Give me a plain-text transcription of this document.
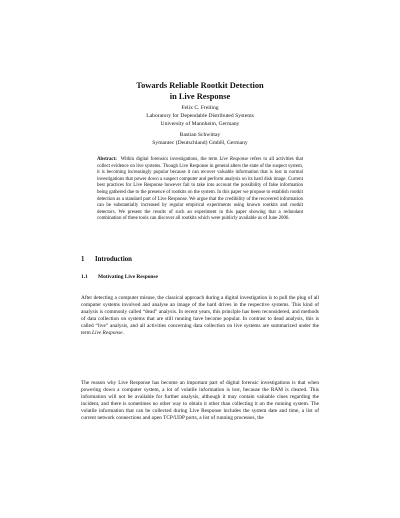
Towards Reliable Rootkit Detection
in Live Response
Felix C. Freiling
Laboratory for Dependable Distributed Systems
University of Mannheim, Germany
Bastian Schwittay
Symantec (Deutschland) GmbH, Germany

Abstract: Within digital forensics investigations, the term Live Response refers to all activities that collect evidence on live systems. Though Live Response in general alters the state of the suspect system, it is becoming increasingly popular because it can recover valuable information that is lost in normal investigations that power down a suspect computer and perform analysis on its hard disk image. Current best practices for Live Response however fail to take into account the possibility of false information being gathered due to the presence of rootkits on the system. In this paper we propose to establish rootkit detection as a standard part of Live Response. We argue that the credibility of the recovered information can be substantially increased by regular empirical experiments using known rootkits and rootkit detectors. We present the results of such an experiment in this paper showing that a redundant combination of three tools can discover all rootkits which were publicly available as of June 2006.

1 Introduction
1.1 Motivating Live Response

After detecting a computer misuse, the classical approach during a digital investigation is to pull the plug of all computer systems involved and analyse an image of the hard drives in the respective systems. This kind of analysis is commonly called “dead” analysis. In recent years, this principle has been reconsidered, and methods of data collection on systems that are still running have become popular. In contrast to dead analysis, this is called “live” analysis, and all activities concerning data collection on live systems are summarized under the term Live Response.

The reason why Live Response has become an important part of digital forensic investigations is that when powering down a computer system, a lot of volatile information is lost, because the RAM is cleared. This information will not be available for further analysis, although it may contain valuable clues regarding the incident, and there is sometimes no other way to obtain it other than collecting it on the running system. The volatile information that can be collected during Live Response includes the system date and time, a list of current network connections and open TCP/UDP ports, a list of running processes, the
